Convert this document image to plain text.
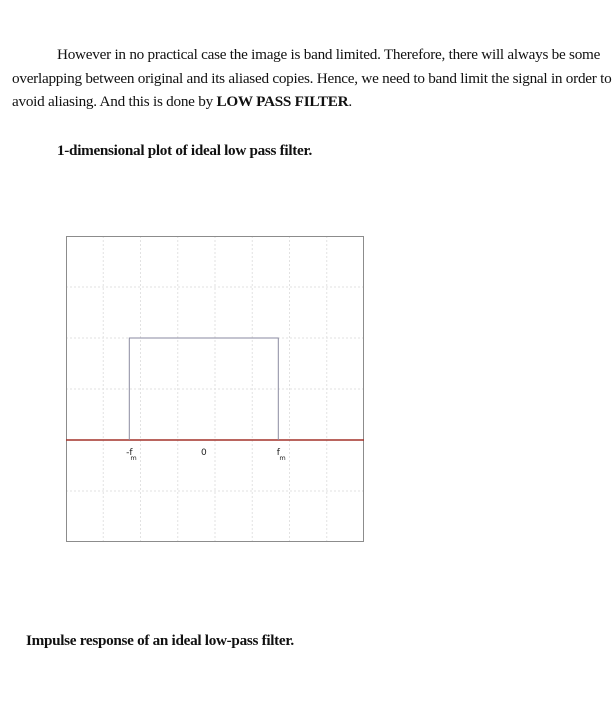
However in no practical case the image is band limited. Therefore, there will always be some overlapping between original and its aliased copies. Hence, we need to band limit the signal in order to avoid aliasing. And this is done by LOW PASS FILTER.

1-dimensional plot of ideal low pass filter.

-f
m	0	f m

Impulse response of an ideal low-pass filter.
